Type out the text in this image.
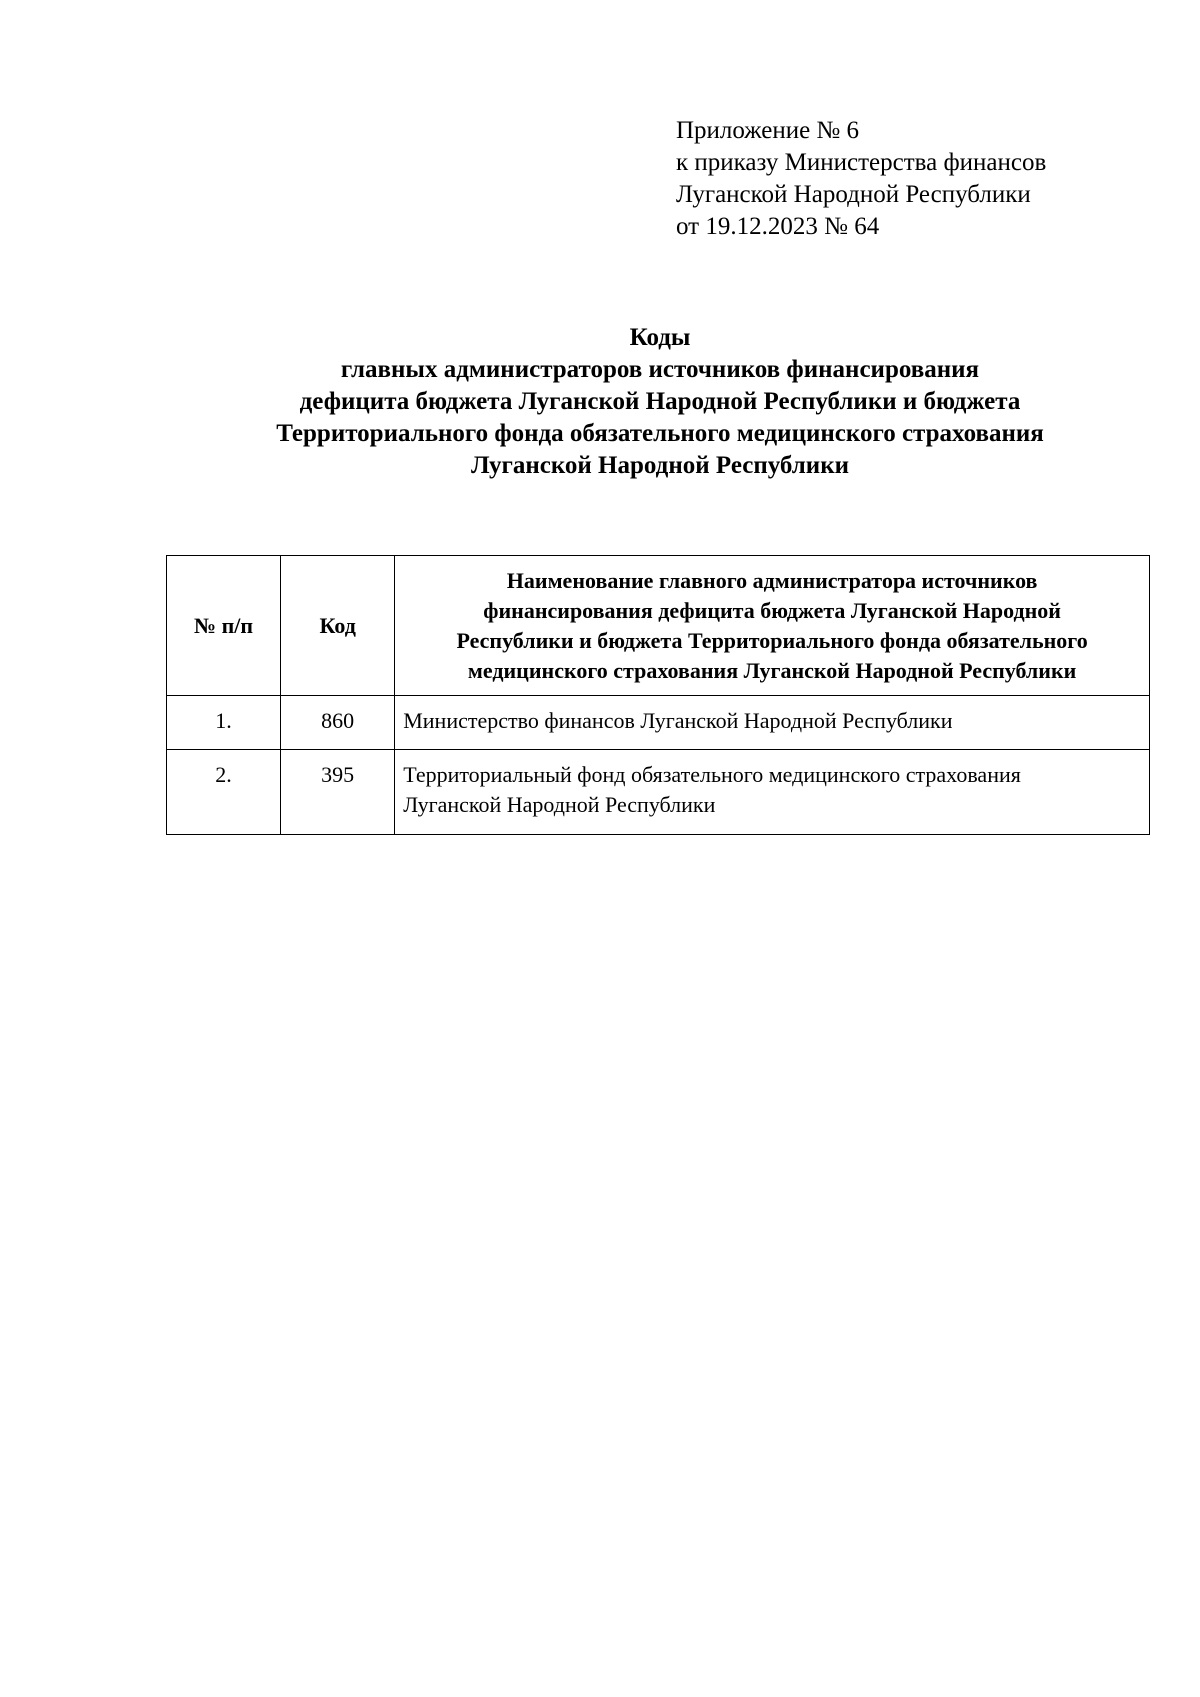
Приложение № 6
к приказу Министерства финансов
Луганской Народной Республики
от 19.12.2023 № 64
Коды
главных администраторов источников финансирования
дефицита бюджета Луганской Народной Республики и бюджета
Территориального фонда обязательного медицинского страхования
Луганской Народной Республики
№ п/п	Код	Наименование главного администратора источников
финансирования дефицита бюджета Луганской Народной
Республики и бюджета Территориального фонда обязательного
медицинского страхования Луганской Народной Республики

1.	860	Министерство финансов Луганской Народной Республики

2.	395	Территориальный фонд обязательного медицинского страхования
Луганской Народной Республики
